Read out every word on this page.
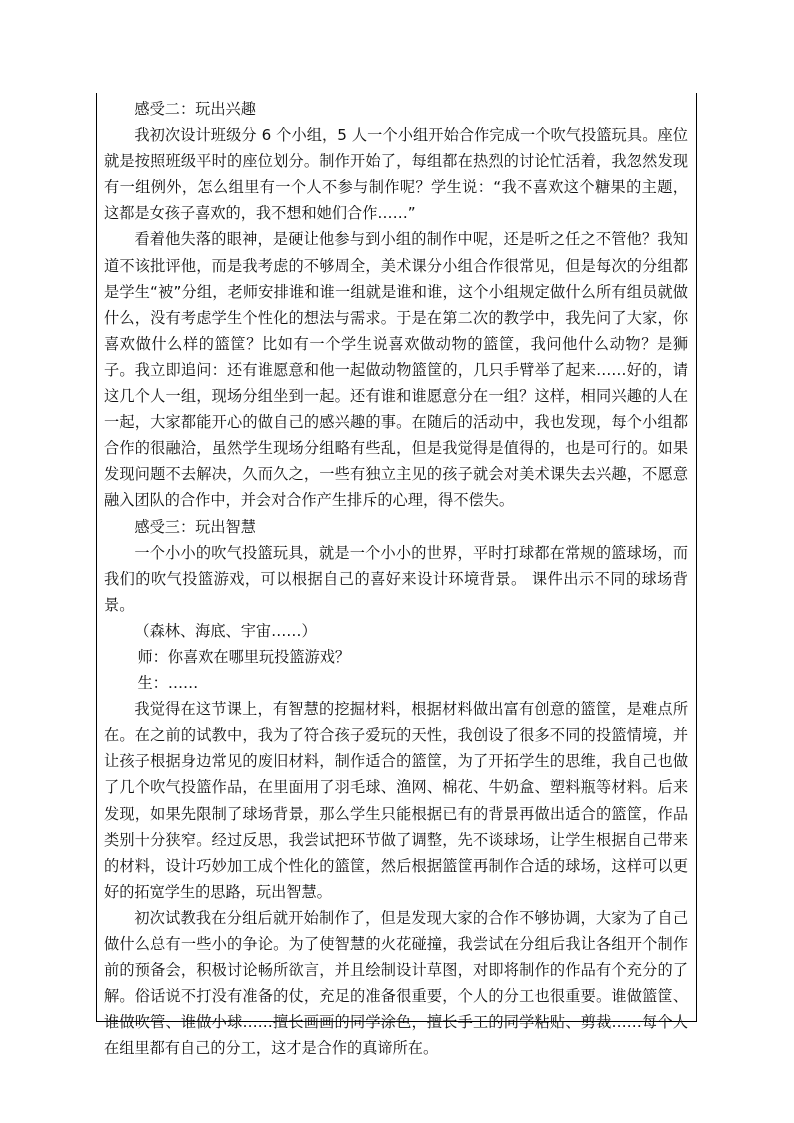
感受二：玩出兴趣

我初次设计班级分 6 个小组，5 人一个小组开始合作完成一个吹气投篮玩具。座位就是按照班级平时的座位划分。制作开始了，每组都在热烈的讨论忙活着，我忽然发现有一组例外，怎么组里有一个人不参与制作呢？学生说：“我不喜欢这个糖果的主题，这都是女孩子喜欢的，我不想和她们合作……”

看着他失落的眼神，是硬让他参与到小组的制作中呢，还是听之任之不管他？我知道不该批评他，而是我考虑的不够周全，美术课分小组合作很常见，但是每次的分组都是学生“被”分组，老师安排谁和谁一组就是谁和谁，这个小组规定做什么所有组员就做什么，没有考虑学生个性化的想法与需求。于是在第二次的教学中，我先问了大家，你喜欢做什么样的篮筐？比如有一个学生说喜欢做动物的篮筐，我问他什么动物？是狮子。我立即追问：还有谁愿意和他一起做动物篮筐的，几只手臂举了起来……好的，请这几个人一组，现场分组坐到一起。还有谁和谁愿意分在一组？这样，相同兴趣的人在一起，大家都能开心的做自己的感兴趣的事。在随后的活动中，我也发现，每个小组都合作的很融洽，虽然学生现场分组略有些乱，但是我觉得是值得的，也是可行的。如果发现问题不去解决，久而久之，一些有独立主见的孩子就会对美术课失去兴趣，不愿意融入团队的合作中，并会对合作产生排斥的心理，得不偿失。

感受三：玩出智慧

一个小小的吹气投篮玩具，就是一个小小的世界，平时打球都在常规的篮球场，而我们的吹气投篮游戏，可以根据自己的喜好来设计环境背景。 课件出示不同的球场背景。

（森林、海底、宇宙……）

师：你喜欢在哪里玩投篮游戏？

生：……

我觉得在这节课上，有智慧的挖掘材料，根据材料做出富有创意的篮筐，是难点所在。在之前的试教中，我为了符合孩子爱玩的天性，我创设了很多不同的投篮情境，并让孩子根据身边常见的废旧材料，制作适合的篮筐，为了开拓学生的思维，我自己也做了几个吹气投篮作品，在里面用了羽毛球、渔网、棉花、牛奶盒、塑料瓶等材料。后来发现，如果先限制了球场背景，那么学生只能根据已有的背景再做出适合的篮筐，作品类别十分狭窄。经过反思，我尝试把环节做了调整，先不谈球场，让学生根据自己带来的材料，设计巧妙加工成个性化的篮筐，然后根据篮筐再制作合适的球场，这样可以更好的拓宽学生的思路，玩出智慧。

初次试教我在分组后就开始制作了，但是发现大家的合作不够协调，大家为了自己做什么总有一些小的争论。为了使智慧的火花碰撞，我尝试在分组后我让各组开个制作前的预备会，积极讨论畅所欲言，并且绘制设计草图，对即将制作的作品有个充分的了解。俗话说不打没有准备的仗，充足的准备很重要，个人的分工也很重要。谁做篮筐、谁做吹管、谁做小球……擅长画画的同学涂色，擅长手工的同学粘贴、剪裁……每个人在组里都有自己的分工，这才是合作的真谛所在。
